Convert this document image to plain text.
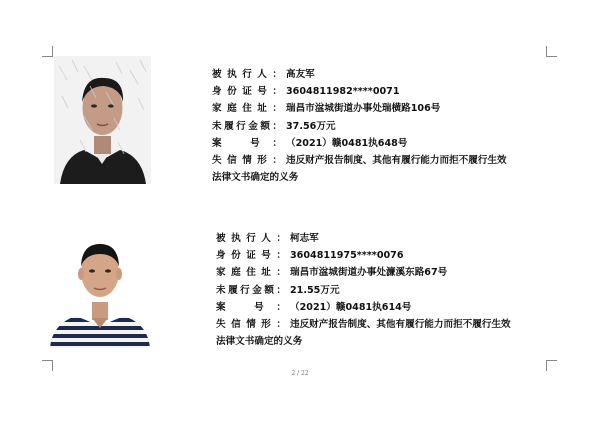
被执行人： 高友军
身份证号： 3604811982****0071
家庭住址： 瑞昌市湓城街道办事处瑞横路106号
未履行金额： 37.56万元
案 号： （2021）赣0481执648号
失信情形： 违反财产报告制度、其他有履行能力而拒不履行生效
法律文书确定的义务
被执行人： 柯志军
身份证号： 3604811975****0076
家庭住址： 瑞昌市湓城街道办事处濂溪东路67号
未履行金额： 21.55万元
案 号： （2021）赣0481执614号
失信情形： 违反财产报告制度、其他有履行能力而拒不履行生效
法律文书确定的义务
2 / 22
